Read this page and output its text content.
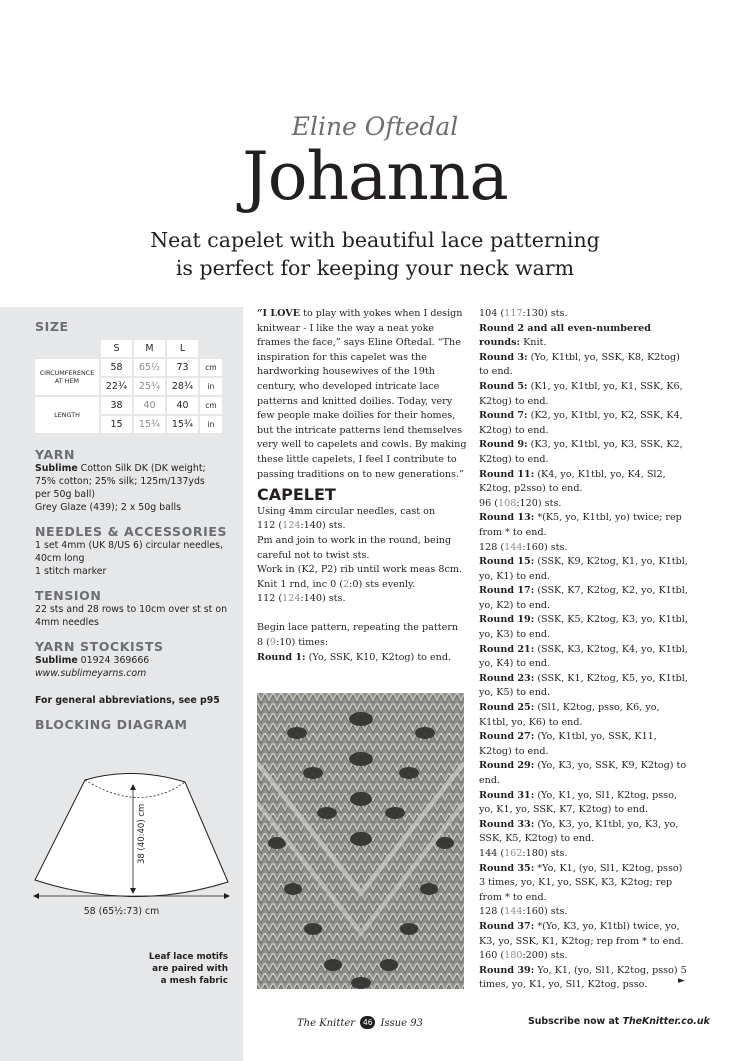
Eline Oftedal
Johanna
Neat capelet with beautiful lace patterning
is perfect for keeping your neck warm
SIZE
	S	M	L	
CIRCUMFERENCE AT HEM	58	65½	73	cm
	22¾	25¾	28¾	in
LENGTH	38	40	40	cm
	15	15¾	15¾	in
YARN
Sublime Cotton Silk DK (DK weight;
75% cotton; 25% silk; 125m/137yds
per 50g ball)
Grey Glaze (439); 2 x 50g balls
NEEDLES & ACCESSORIES
1 set 4mm (UK 8/US 6) circular needles,
40cm long
1 stitch marker
TENSION
22 sts and 28 rows to 10cm over st st on
4mm needles
YARN STOCKISTS
Sublime 01924 369666
www.sublimeyarns.com
For general abbreviations, see p95
BLOCKING DIAGRAM
38 (40:40) cm
58 (65½:73) cm
Leaf lace motifs
are paired with
a mesh fabric

“I LOVE to play with yokes when I design knitwear - I like the way a neat yoke frames the face,” says Eline Oftedal. “The inspiration for this capelet was the hardworking housewives of the 19th century, who developed intricate lace patterns and knitted doilies. Today, very few people make doilies for their homes, but the intricate patterns lend themselves very well to capelets and cowls. By making these little capelets, I feel I contribute to passing traditions on to new generations.”

CAPELET

Using 4mm circular needles, cast on

112 (124:140) sts.

Pm and join to work in the round, being careful not to twist sts.

Work in (K2, P2) rib until work meas 8cm.

Knit 1 rnd, inc 0 (2:0) sts evenly.

112 (124:140) sts.

Begin lace pattern, repeating the pattern 8 (9:10) times:

Round 1: (Yo, SSK, K10, K2tog) to end.

104 (117:130) sts.

Round 2 and all even-numbered rounds: Knit.

Round 3: (Yo, K1tbl, yo, SSK, K8, K2tog) to end.

Round 5: (K1, yo, K1tbl, yo, K1, SSK, K6, K2tog) to end.

Round 7: (K2, yo, K1tbl, yo, K2, SSK, K4, K2tog) to end.

Round 9: (K3, yo, K1tbl, yo, K3, SSK, K2, K2tog) to end.

Round 11: (K4, yo, K1tbl, yo, K4, Sl2, K2tog, p2sso) to end.

96 (108:120) sts.

Round 13: *(K5, yo, K1tbl, yo) twice; rep from * to end.

128 (144:160) sts.

Round 15: (SSK, K9, K2tog, K1, yo, K1tbl, yo, K1) to end.

Round 17: (SSK, K7, K2tog, K2, yo, K1tbl, yo, K2) to end.

Round 19: (SSK, K5, K2tog, K3, yo, K1tbl, yo, K3) to end.

Round 21: (SSK, K3, K2tog, K4, yo, K1tbl, yo, K4) to end.

Round 23: (SSK, K1, K2tog, K5, yo, K1tbl, yo, K5) to end.

Round 25: (Sl1, K2tog, psso, K6, yo, K1tbl, yo, K6) to end.

Round 27: (Yo, K1tbl, yo, SSK, K11, K2tog) to end.

Round 29: (Yo, K3, yo, SSK, K9, K2tog) to end.

Round 31: (Yo, K1, yo, Sl1, K2tog, psso, yo, K1, yo, SSK, K7, K2tog) to end.

Round 33: (Yo, K3, yo, K1tbl, yo, K3, yo, SSK, K5, K2tog) to end.

144 (162:180) sts.

Round 35: *Yo, K1, (yo, Sl1, K2tog, psso) 3 times, yo, K1, yo, SSK, K3, K2tog; rep from * to end.

128 (144:160) sts.

Round 37: *(Yo, K3, yo, K1tbl) twice, yo, K3, yo, SSK, K1, K2tog; rep from * to end.

160 (180:200) sts.

Round 39: Yo, K1, (yo, Sl1, K2tog, psso) 5 times, yo, K1, yo, Sl1, K2tog, psso.	►
The Knitter 46 Issue 93	Subscribe now at TheKnitter.co.uk
